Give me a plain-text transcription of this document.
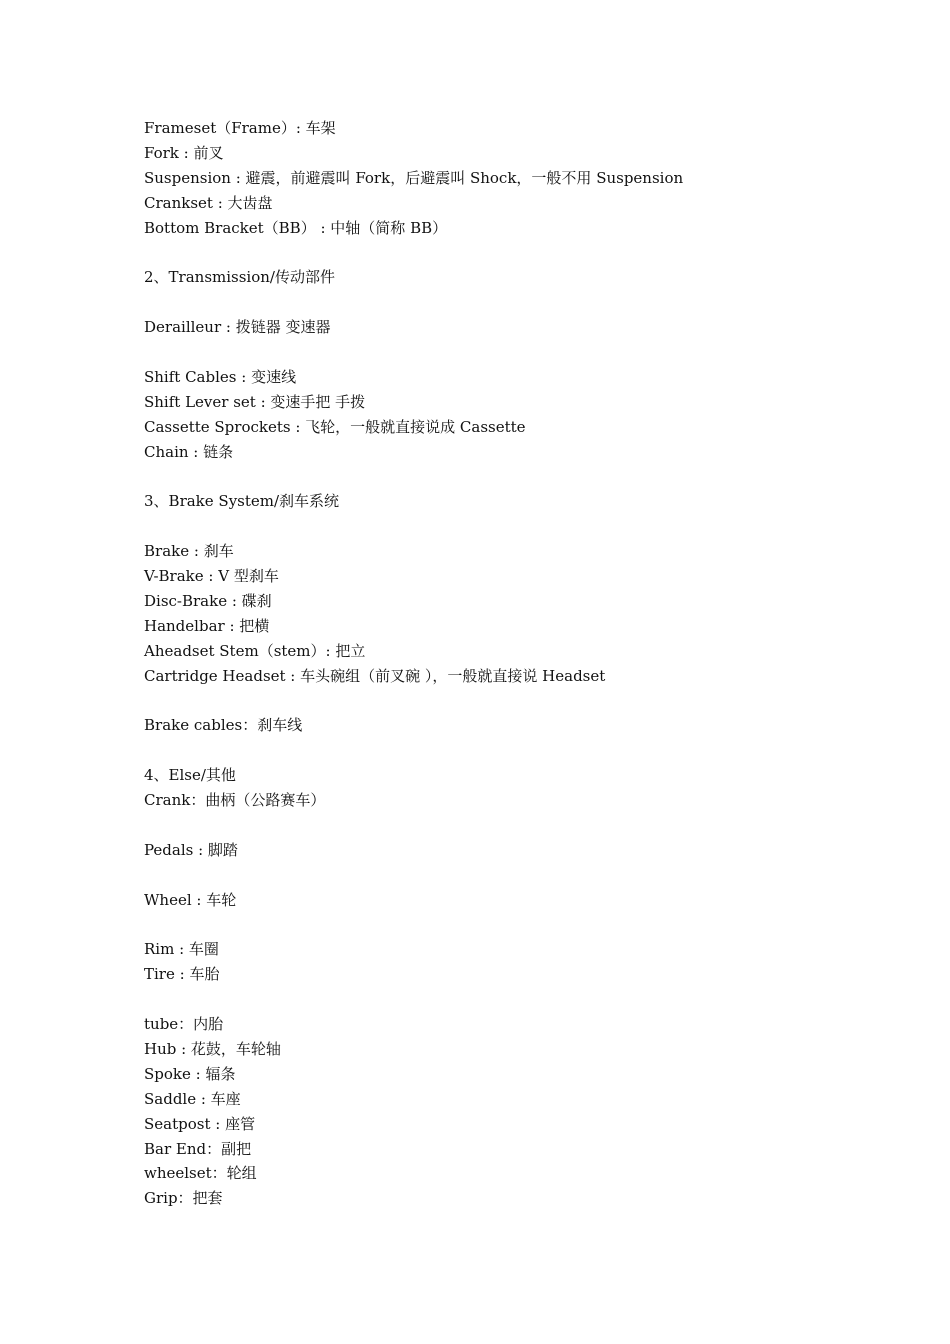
Frameset（Frame）: 车架
Fork : 前叉
Suspension : 避震，前避震叫 Fork，后避震叫 Shock，一般不用 Suspension
Crankset : 大齿盘
Bottom Bracket（BB） : 中轴（简称 BB）
2、Transmission/传动部件
Derailleur : 拨链器 变速器
Shift Cables : 变速线
Shift Lever set : 变速手把 手拨
Cassette Sprockets : 飞轮，一般就直接说成 Cassette
Chain : 链条
3、Brake System/刹车系统
Brake : 刹车
V-Brake : V 型刹车
Disc-Brake : 碟刹
Handelbar : 把横
Aheadset Stem（stem）: 把立
Cartridge Headset : 车头碗组（前叉碗 ），一般就直接说 Headset
Brake cables：刹车线
4、Else/其他
Crank：曲柄（公路赛车）
Pedals : 脚踏
Wheel : 车轮
Rim : 车圈
Tire : 车胎
tube：内胎
Hub : 花鼓，车轮轴
Spoke : 辐条
Saddle : 车座
Seatpost : 座管
Bar End：副把
wheelset：轮组
Grip：把套
